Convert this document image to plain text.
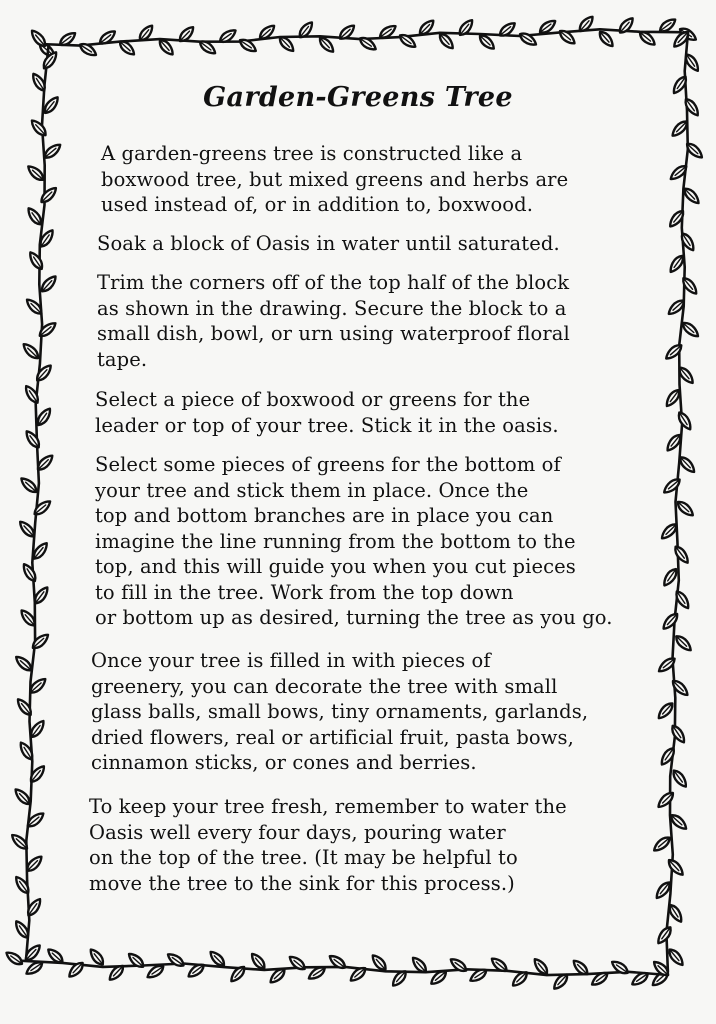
Garden-Greens Tree

A garden-greens tree is constructed like a
boxwood tree, but mixed greens and herbs are
used instead of, or in addition to, boxwood.

Soak a block of Oasis in water until saturated.

Trim the corners off of the top half of the block
as shown in the drawing. Secure the block to a
small dish, bowl, or urn using waterproof floral
tape.

Select a piece of boxwood or greens for the
leader or top of your tree. Stick it in the oasis.

Select some pieces of greens for the bottom of
your tree and stick them in place. Once the
top and bottom branches are in place you can
imagine the line running from the bottom to the
top, and this will guide you when you cut pieces
to fill in the tree. Work from the top down
or bottom up as desired, turning the tree as you go.

Once your tree is filled in with pieces of
greenery, you can decorate the tree with small
glass balls, small bows, tiny ornaments, garlands,
dried flowers, real or artificial fruit, pasta bows,
cinnamon sticks, or cones and berries.

To keep your tree fresh, remember to water the
Oasis well every four days, pouring water
on the top of the tree. (It may be helpful to
move the tree to the sink for this process.)
